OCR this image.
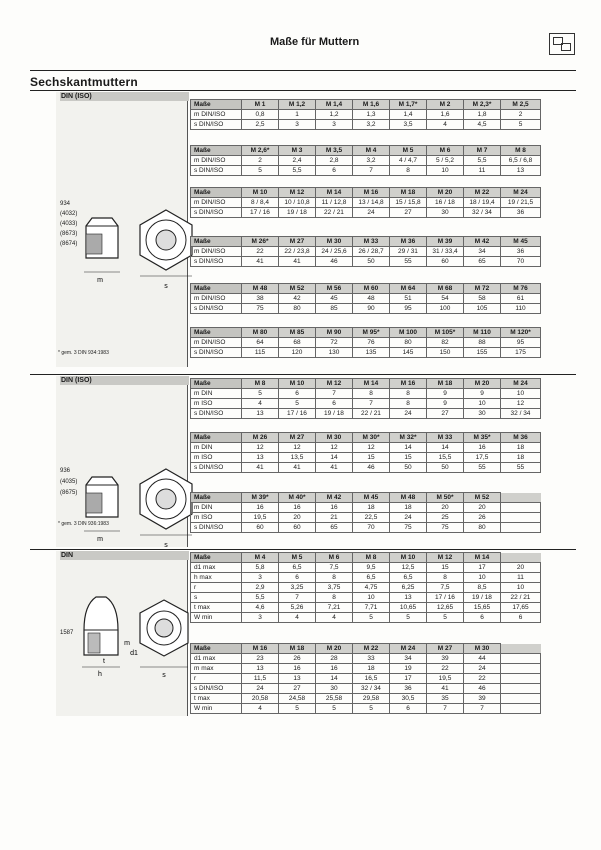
Maße für Muttern
Sechskantmuttern
DIN (ISO)
934
(4032)
(4033)
(8673)
(8674)
m
s
* gem. 3 DIN 934:1983
Maße	M 1	M 1,2	M 1,4	M 1,6	M 1,7*	M 2	M 2,3*	M 2,5
m DIN/ISO	0,8	1	1,2	1,3	1,4	1,6	1,8	2
s DIN/ISO	2,5	3	3	3,2	3,5	4	4,5	5
Maße	M 2,6*	M 3	M 3,5	M 4	M 5	M 6	M 7	M 8
m DIN/ISO	2	2,4	2,8	3,2	4 / 4,7	5 / 5,2	5,5	6,5 / 6,8
s DIN/ISO	5	5,5	6	7	8	10	11	13
Maße	M 10	M 12	M 14	M 16	M 18	M 20	M 22	M 24
m DIN/ISO	8 / 8,4	10 / 10,8	11 / 12,8	13 / 14,8	15 / 15,8	16 / 18	18 / 19,4	19 / 21,5
s DIN/ISO	17 / 16	19 / 18	22 / 21	24	27	30	32 / 34	36
Maße	M 26*	M 27	M 30	M 33	M 36	M 39	M 42	M 45
m DIN/ISO	22	22 / 23,8	24 / 25,6	26 / 28,7	29 / 31	31 / 33,4	34	36
s DIN/ISO	41	41	46	50	55	60	65	70
Maße	M 48	M 52	M 56	M 60	M 64	M 68	M 72	M 76
m DIN/ISO	38	42	45	48	51	54	58	61
s DIN/ISO	75	80	85	90	95	100	105	110
Maße	M 80	M 85	M 90	M 95*	M 100	M 105*	M 110	M 120*
m DIN/ISO	64	68	72	76	80	82	88	95
s DIN/ISO	115	120	130	135	145	150	155	175
DIN (ISO)
936
(4035)
(8675)
m
s
* gem. 3 DIN 936:1983
Maße	M 8	M 10	M 12	M 14	M 16	M 18	M 20	M 24
m DIN	5	6	7	8	8	9	9	10
m ISO	4	5	6	7	8	9	10	12
s DIN/ISO	13	17 / 16	19 / 18	22 / 21	24	27	30	32 / 34
Maße	M 26	M 27	M 30	M 30*	M 32*	M 33	M 35*	M 36
m DIN	12	12	12	12	14	14	16	18
m ISO	13	13,5	14	15	15	15,5	17,5	18
s DIN/ISO	41	41	41	46	50	50	55	55
Maße	M 39*	M 40*	M 42	M 45	M 48	M 50*	M 52	
m DIN	16	16	16	18	18	20	20	
m ISO	19,5	20	21	22,5	24	25	26	
s DIN/ISO	60	60	65	70	75	75	80	
DIN
1587
h
m
t
d1
s
Maße	M 4	M 5	M 6	M 8	M 10	M 12	M 14	
d1 max	5,8	6,5	7,5	9,5	12,5	15	17	20
h max	3	6	8	6,5	6,5	8	10	11
r	2,9	3,25	3,75	4,75	6,25	7,5	8,5	10
s	5,5	7	8	10	13	17 / 16	19 / 18	22 / 21
t max	4,6	5,26	7,21	7,71	10,65	12,65	15,65	17,65
W min	3	4	4	5	5	5	6	6
Maße	M 16	M 18	M 20	M 22	M 24	M 27	M 30	
d1 max	23	26	28	33	34	39	44	
m max	13	16	16	18	19	22	24	
r	11,5	13	14	16,5	17	19,5	22	
s DIN/ISO	24	27	30	32 / 34	36	41	46	
t max	20,58	24,58	25,58	29,58	30,5	35	39	
W min	4	5	5	5	6	7	7	
